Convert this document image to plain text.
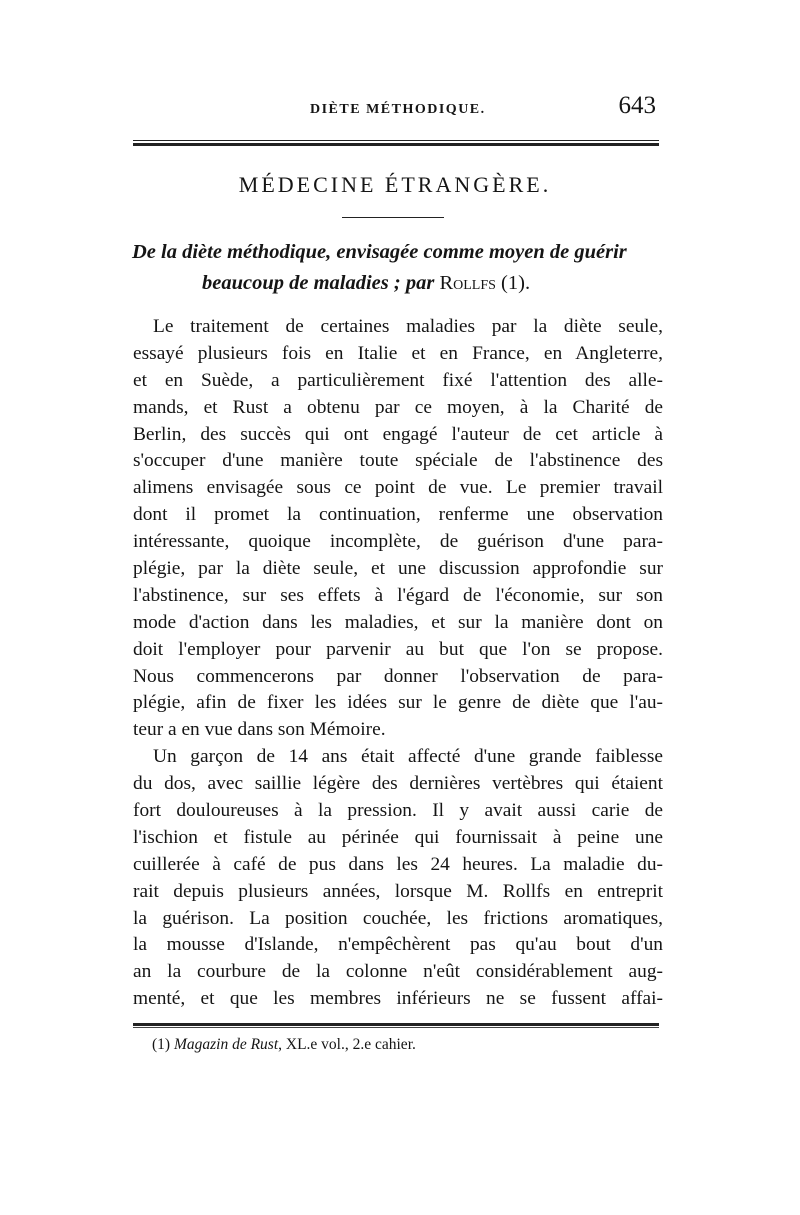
DIÈTE MÉTHODIQUE.	643
MÉDECINE ÉTRANGÈRE.
De la diète méthodique, envisagée comme moyen de guérir
beaucoup de maladies ; par Rollfs (1).
Le traitement de certaines maladies par la diète seule,
essayé plusieurs fois en Italie et en France, en Angleterre,
et en Suède, a particulièrement fixé l'attention des alle-
mands, et Rust a obtenu par ce moyen, à la Charité de
Berlin, des succès qui ont engagé l'auteur de cet article à
s'occuper d'une manière toute spéciale de l'abstinence des
alimens envisagée sous ce point de vue. Le premier travail
dont il promet la continuation, renferme une observation
intéressante, quoique incomplète, de guérison d'une para-
plégie, par la diète seule, et une discussion approfondie sur
l'abstinence, sur ses effets à l'égard de l'économie, sur son
mode d'action dans les maladies, et sur la manière dont on
doit l'employer pour parvenir au but que l'on se propose.
Nous commencerons par donner l'observation de para-
plégie, afin de fixer les idées sur le genre de diète que l'au-
teur a en vue dans son Mémoire.
Un garçon de 14 ans était affecté d'une grande faiblesse
du dos, avec saillie légère des dernières vertèbres qui étaient
fort douloureuses à la pression. Il y avait aussi carie de
l'ischion et fistule au périnée qui fournissait à peine une
cuillerée à café de pus dans les 24 heures. La maladie du-
rait depuis plusieurs années, lorsque M. Rollfs en entreprit
la guérison. La position couchée, les frictions aromatiques,
la mousse d'Islande, n'empêchèrent pas qu'au bout d'un
an la courbure de la colonne n'eût considérablement aug-
menté, et que les membres inférieurs ne se fussent affai-
(1) Magazin de Rust, XL.e vol., 2.e cahier.
